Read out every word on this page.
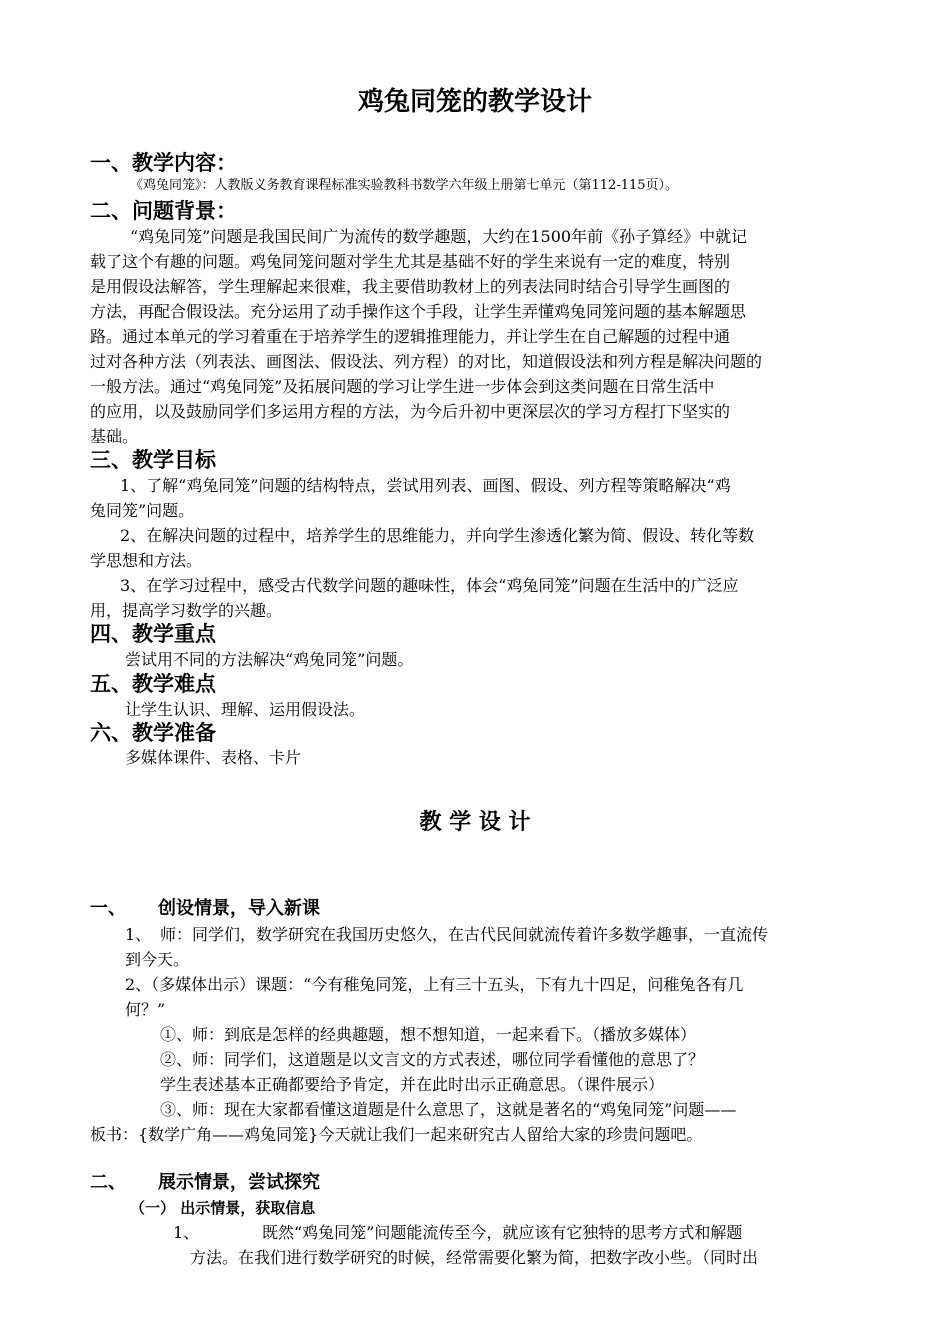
鸡兔同笼的教学设计
一、教学内容：
《鸡兔同笼》：人教版义务教育课程标准实验教科书数学六年级上册第七单元（第112-115页）。
二、问题背景：
“鸡兔同笼”问题是我国民间广为流传的数学趣题，大约在1500年前《孙子算经》中就记
载了这个有趣的问题。鸡兔同笼问题对学生尤其是基础不好的学生来说有一定的难度，特别
是用假设法解答，学生理解起来很难，我主要借助教材上的列表法同时结合引导学生画图的
方法，再配合假设法。充分运用了动手操作这个手段，让学生弄懂鸡兔同笼问题的基本解题思
路。通过本单元的学习着重在于培养学生的逻辑推理能力，并让学生在自己解题的过程中通
过对各种方法（列表法、画图法、假设法、列方程）的对比，知道假设法和列方程是解决问题的
一般方法。通过“鸡兔同笼”及拓展问题的学习让学生进一步体会到这类问题在日常生活中
的应用，以及鼓励同学们多运用方程的方法，为今后升初中更深层次的学习方程打下坚实的
基础。
三、教学目标
1、了解“鸡兔同笼”问题的结构特点，尝试用列表、画图、假设、列方程等策略解决“鸡
兔同笼”问题。
2、在解决问题的过程中，培养学生的思维能力，并向学生渗透化繁为简、假设、转化等数
学思想和方法。
3、在学习过程中，感受古代数学问题的趣味性，体会“鸡兔同笼”问题在生活中的广泛应
用，提高学习数学的兴趣。
四、教学重点
尝试用不同的方法解决“鸡兔同笼”问题。
五、教学难点
让学生认识、理解、运用假设法。
六、教学准备
多媒体课件、表格、卡片
教 学 设 计
一、 创设情景，导入新课
1、 师：同学们，数学研究在我国历史悠久，在古代民间就流传着许多数学趣事，一直流传
到今天。
2、（多媒体出示）课题：“今有稚兔同笼，上有三十五头，下有九十四足，问稚兔各有几
何？”
①、师：到底是怎样的经典趣题，想不想知道，一起来看下。（播放多媒体）
②、师：同学们，这道题是以文言文的方式表述，哪位同学看懂他的意思了？
学生表述基本正确都要给予肯定，并在此时出示正确意思。（课件展示）
③、师：现在大家都看懂这道题是什么意思了，这就是著名的“鸡兔同笼”问题——
板书：{数学广角——鸡兔同笼}今天就让我们一起来研究古人留给大家的珍贵问题吧。
二、 展示情景，尝试探究
（一） 出示情景，获取信息
1、	既然“鸡兔同笼”问题能流传至今，就应该有它独特的思考方式和解题
方法。在我们进行数学研究的时候，经常需要化繁为简，把数字改小些。（同时出
